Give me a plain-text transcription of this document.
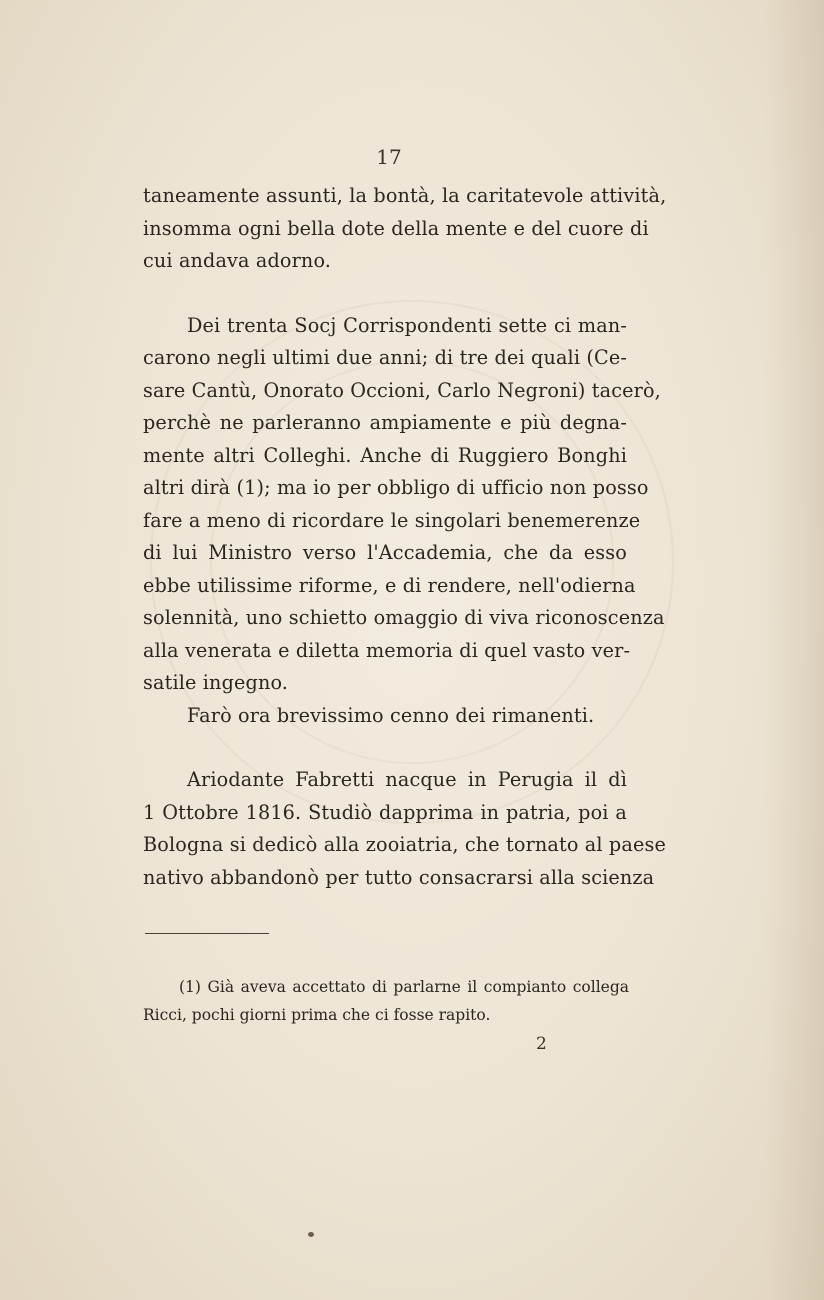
17
taneamente assunti, la bontà, la caritatevole attività,
insomma ogni bella dote della mente e del cuore di
cui andava adorno.
Dei trenta Socj Corrispondenti sette ci man-
carono negli ultimi due anni; di tre dei quali (Ce-
sare Cantù, Onorato Occioni, Carlo Negroni) tacerò,
perchè ne parleranno ampiamente e più degna-
mente altri Colleghi. Anche di Ruggiero Bonghi
altri dirà (1); ma io per obbligo di ufficio non posso
fare a meno di ricordare le singolari benemerenze
di lui Ministro verso l'Accademia, che da esso
ebbe utilissime riforme, e di rendere, nell'odierna
solennità, uno schietto omaggio di viva riconoscenza
alla venerata e diletta memoria di quel vasto ver-
satile ingegno.
Farò ora brevissimo cenno dei rimanenti.
Ariodante Fabretti nacque in Perugia il dì
1 Ottobre 1816. Studiò dapprima in patria, poi a
Bologna si dedicò alla zooiatria, che tornato al paese
nativo abbandonò per tutto consacrarsi alla scienza
(1) Già aveva accettato di parlarne il compianto collega
Ricci, pochi giorni prima che ci fosse rapito.
2
